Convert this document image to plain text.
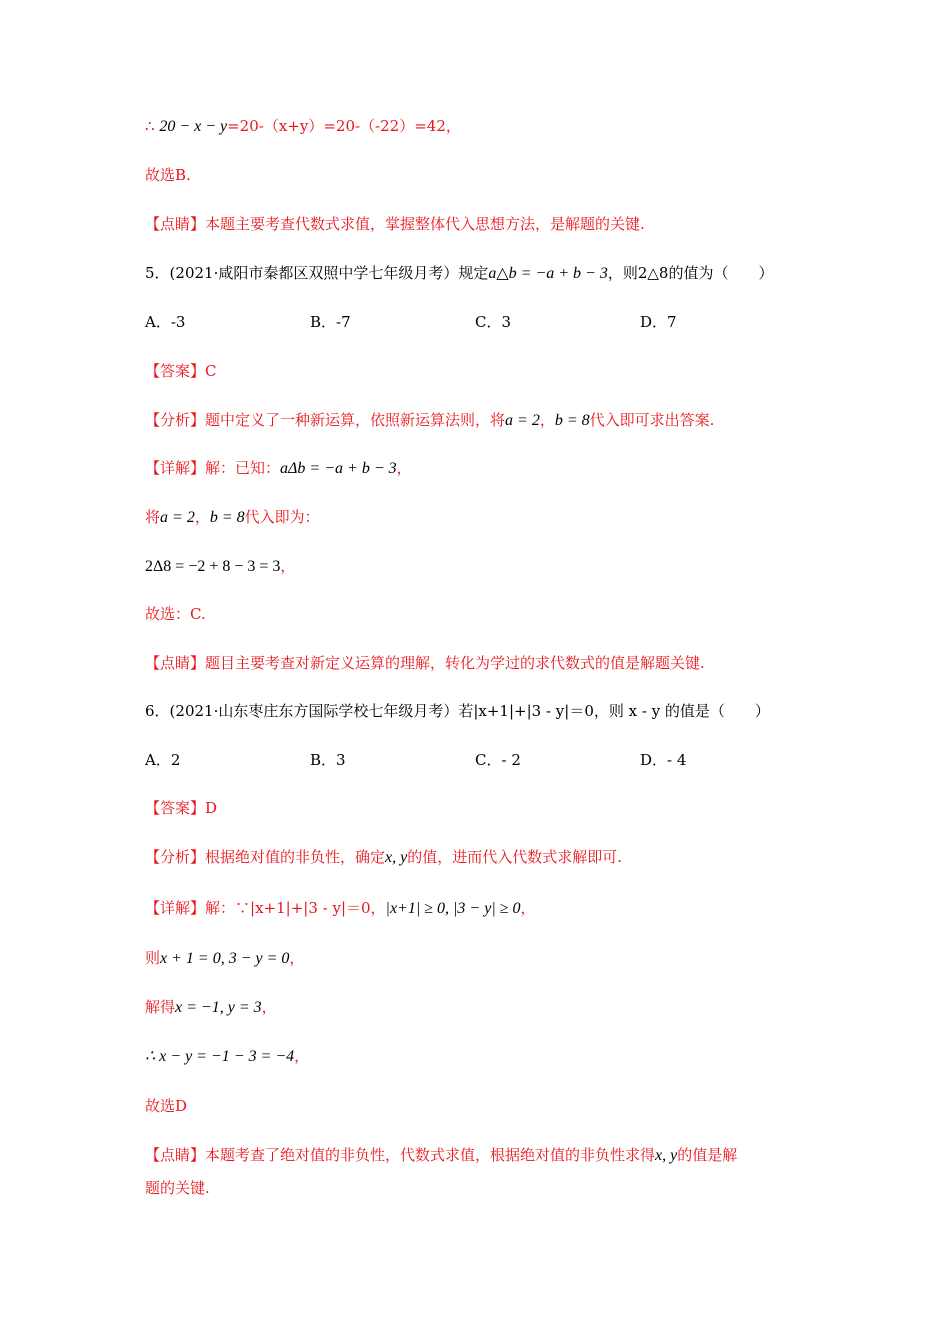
∴ 20 − x − y=20-（x+y）=20-（-22）=42，
故选B.
【点睛】本题主要考查代数式求值，掌握整体代入思想方法，是解题的关键.
5．(2021·咸阳市秦都区双照中学七年级月考）规定a△b = −a + b − 3，则2△8的值为（　　）
A．-3	B．-7	C．3	D．7
【答案】C
【分析】题中定义了一种新运算，依照新运算法则，将a = 2，b = 8代入即可求出答案.
【详解】解：已知：aΔb = −a + b − 3，
将a = 2，b = 8代入即为：
2Δ8 = −2 + 8 − 3 = 3，
故选：C.
【点睛】题目主要考查对新定义运算的理解，转化为学过的求代数式的值是解题关键.
6．(2021·山东枣庄东方国际学校七年级月考）若|x+1|+|3 - y|＝0，则 x - y 的值是（　　）
A．2	B．3	C．- 2	D．- 4
【答案】D
【分析】根据绝对值的非负性，确定x, y的值，进而代入代数式求解即可.
【详解】解：∵|x+1|+|3 - y|＝0，|x+1| ≥ 0, |3 − y| ≥ 0，
则x + 1 = 0, 3 − y = 0，
解得x = −1, y = 3，
∴ x − y = −1 − 3 = −4，
故选D
【点睛】本题考查了绝对值的非负性，代数式求值，根据绝对值的非负性求得x, y的值是解
题的关键.
